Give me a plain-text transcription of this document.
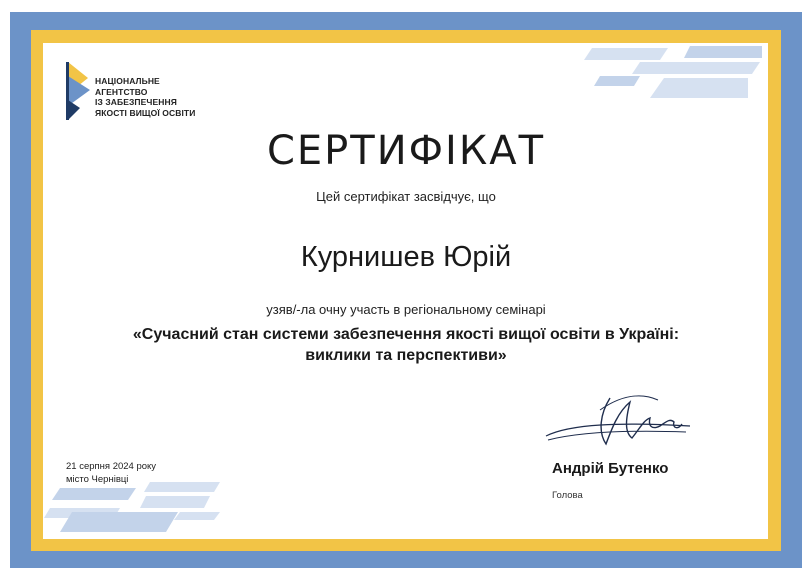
НАЦІОНАЛЬНЕ
АГЕНТСТВО
ІЗ ЗАБЕЗПЕЧЕННЯ
ЯКОСТІ ВИЩОЇ ОСВІТИ
СЕРТИФІКАТ
Цей сертифікат засвідчує, що
Курнишев Юрій
узяв/-ла очну участь в регіональному семінарі
«Сучасний стан системи забезпечення якості вищої освіти в Україні:
виклики та перспективи»
21 серпня 2024 року
місто Чернівці
Андрій Бутенко
Голова
